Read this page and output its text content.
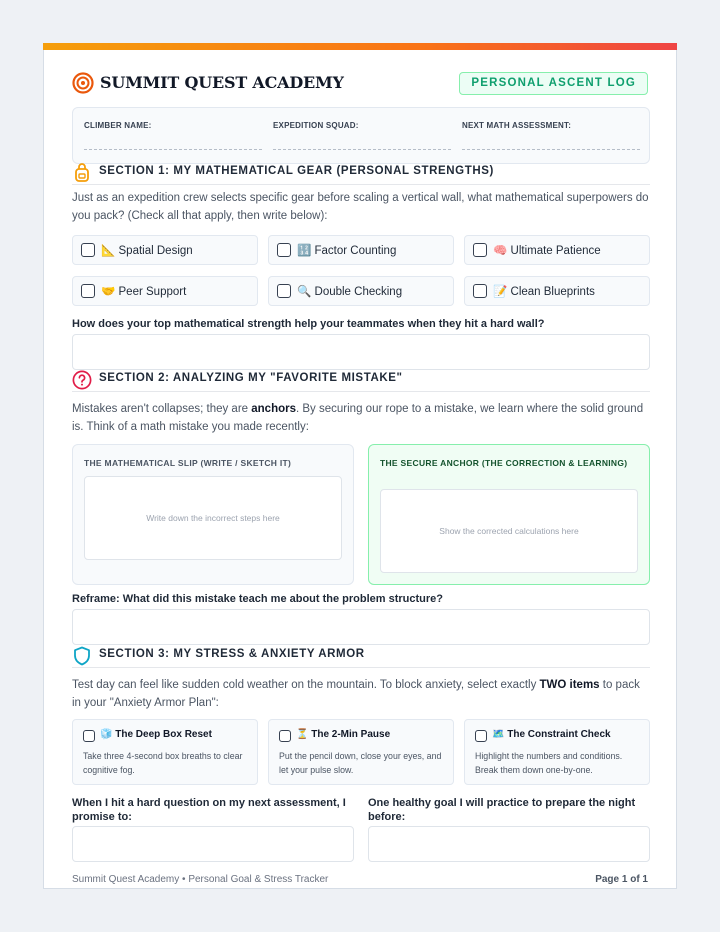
SUMMIT QUEST ACADEMY	PERSONAL ASCENT LOG
CLIMBER NAME:	EXPEDITION SQUAD:	NEXT MATH ASSESSMENT:
SECTION 1: MY MATHEMATICAL GEAR (PERSONAL STRENGTHS)
Just as an expedition crew selects specific gear before scaling a vertical wall, what mathematical superpowers do you pack? (Check all that apply, then write below):
📐 Spatial Design	🔢 Factor Counting	🧠 Ultimate Patience
🤝 Peer Support	🔍 Double Checking	📝 Clean Blueprints
How does your top mathematical strength help your teammates when they hit a hard wall?
SECTION 2: ANALYZING MY "FAVORITE MISTAKE"
Mistakes aren't collapses; they are anchors. By securing our rope to a mistake, we learn where the solid ground is. Think of a math mistake you made recently:
THE MATHEMATICAL SLIP (WRITE / SKETCH IT)
Write down the incorrect steps here
THE SECURE ANCHOR (THE CORRECTION & LEARNING)
Show the corrected calculations here
Reframe: What did this mistake teach me about the problem structure?
SECTION 3: MY STRESS & ANXIETY ARMOR
Test day can feel like sudden cold weather on the mountain. To block anxiety, select exactly TWO items to pack in your "Anxiety Armor Plan":
🧊 The Deep Box Reset
Take three 4-second box breaths to clear cognitive fog.
⏳ The 2-Min Pause
Put the pencil down, close your eyes, and let your pulse slow.
🗺️ The Constraint Check
Highlight the numbers and conditions. Break them down one-by-one.
When I hit a hard question on my next assessment, I promise to:
One healthy goal I will practice to prepare the night before:
Summit Quest Academy • Personal Goal & Stress Tracker	Page 1 of 1
